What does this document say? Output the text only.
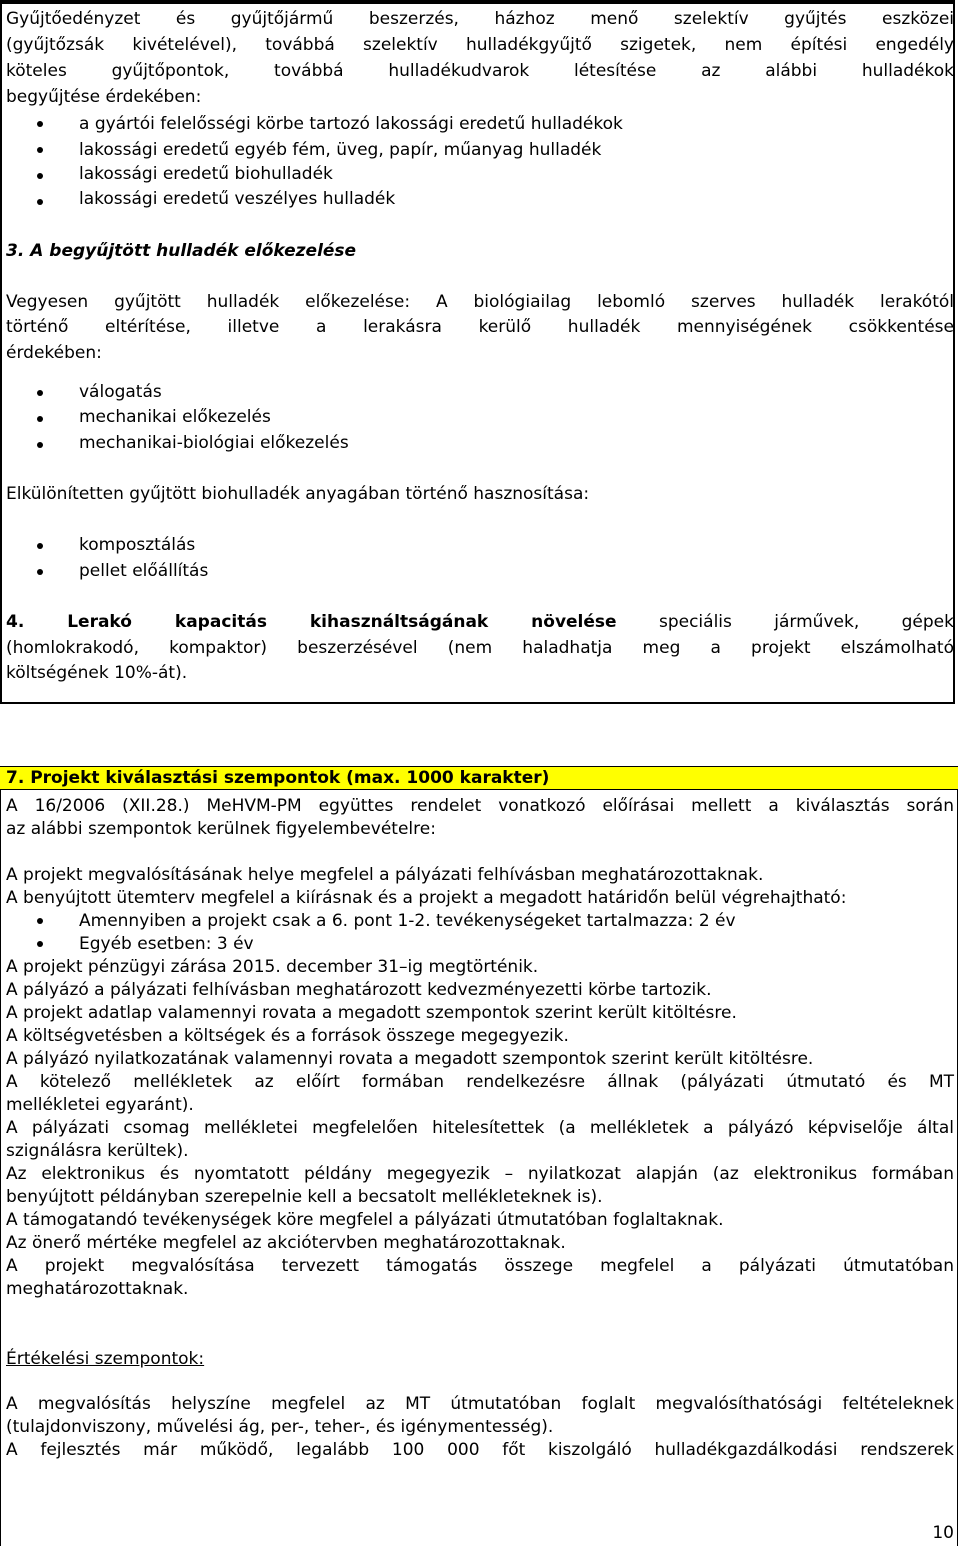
Gyűjtőedényzet és gyűjtőjármű beszerzés, házhoz menő szelektív gyűjtés eszközei
(gyűjtőzsák kivételével), továbbá szelektív hulladékgyűjtő szigetek, nem építési engedély
köteles gyűjtőpontok, továbbá hulladékudvarok létesítése az alábbi hulladékok
begyűjtése érdekében:
a gyártói felelősségi körbe tartozó lakossági eredetű hulladékok
lakossági eredetű egyéb fém, üveg, papír, műanyag hulladék
lakossági eredetű biohulladék
lakossági eredetű veszélyes hulladék
3. A begyűjtött hulladék előkezelése
Vegyesen gyűjtött hulladék előkezelése: A biológiailag lebomló szerves hulladék lerakótól
történő eltérítése, illetve a lerakásra kerülő hulladék mennyiségének csökkentése
érdekében:
válogatás
mechanikai előkezelés
mechanikai-biológiai előkezelés
Elkülönítetten gyűjtött biohulladék anyagában történő hasznosítása:
komposztálás
pellet előállítás
4. Lerakó kapacitás kihasználtságának növelése speciális járművek, gépek
(homlokrakodó, kompaktor) beszerzésével (nem haladhatja meg a projekt elszámolható
költségének 10%-át).
7. Projekt kiválasztási szempontok (max. 1000 karakter)
A 16/2006 (XII.28.) MeHVM-PM együttes rendelet vonatkozó előírásai mellett a kiválasztás során
az alábbi szempontok kerülnek figyelembevételre:
A projekt megvalósításának helye megfelel a pályázati felhívásban meghatározottaknak.
A benyújtott ütemterv megfelel a kiírásnak és a projekt a megadott határidőn belül végrehajtható:
Amennyiben a projekt csak a 6. pont 1-2. tevékenységeket tartalmazza: 2 év
Egyéb esetben: 3 év
A projekt pénzügyi zárása 2015. december 31–ig megtörténik.
A pályázó a pályázati felhívásban meghatározott kedvezményezetti körbe tartozik.
A projekt adatlap valamennyi rovata a megadott szempontok szerint került kitöltésre.
A költségvetésben a költségek és a források összege megegyezik.
A pályázó nyilatkozatának valamennyi rovata a megadott szempontok szerint került kitöltésre.
A kötelező mellékletek az előírt formában rendelkezésre állnak (pályázati útmutató és MT
mellékletei egyaránt).
A pályázati csomag mellékletei megfelelően hitelesítettek (a mellékletek a pályázó képviselője által
szignálásra kerültek).
Az elektronikus és nyomtatott példány megegyezik – nyilatkozat alapján (az elektronikus formában
benyújtott példányban szerepelnie kell a becsatolt mellékleteknek is).
A támogatandó tevékenységek köre megfelel a pályázati útmutatóban foglaltaknak.
Az önerő mértéke megfelel az akciótervben meghatározottaknak.
A projekt megvalósítása tervezett támogatás összege megfelel a pályázati útmutatóban
meghatározottaknak.
Értékelési szempontok:
A megvalósítás helyszíne megfelel az MT útmutatóban foglalt megvalósíthatósági feltételeknek
(tulajdonviszony, művelési ág, per-, teher-, és igénymentesség).
A fejlesztés már működő, legalább 100 000 főt kiszolgáló hulladékgazdálkodási rendszerek
10
